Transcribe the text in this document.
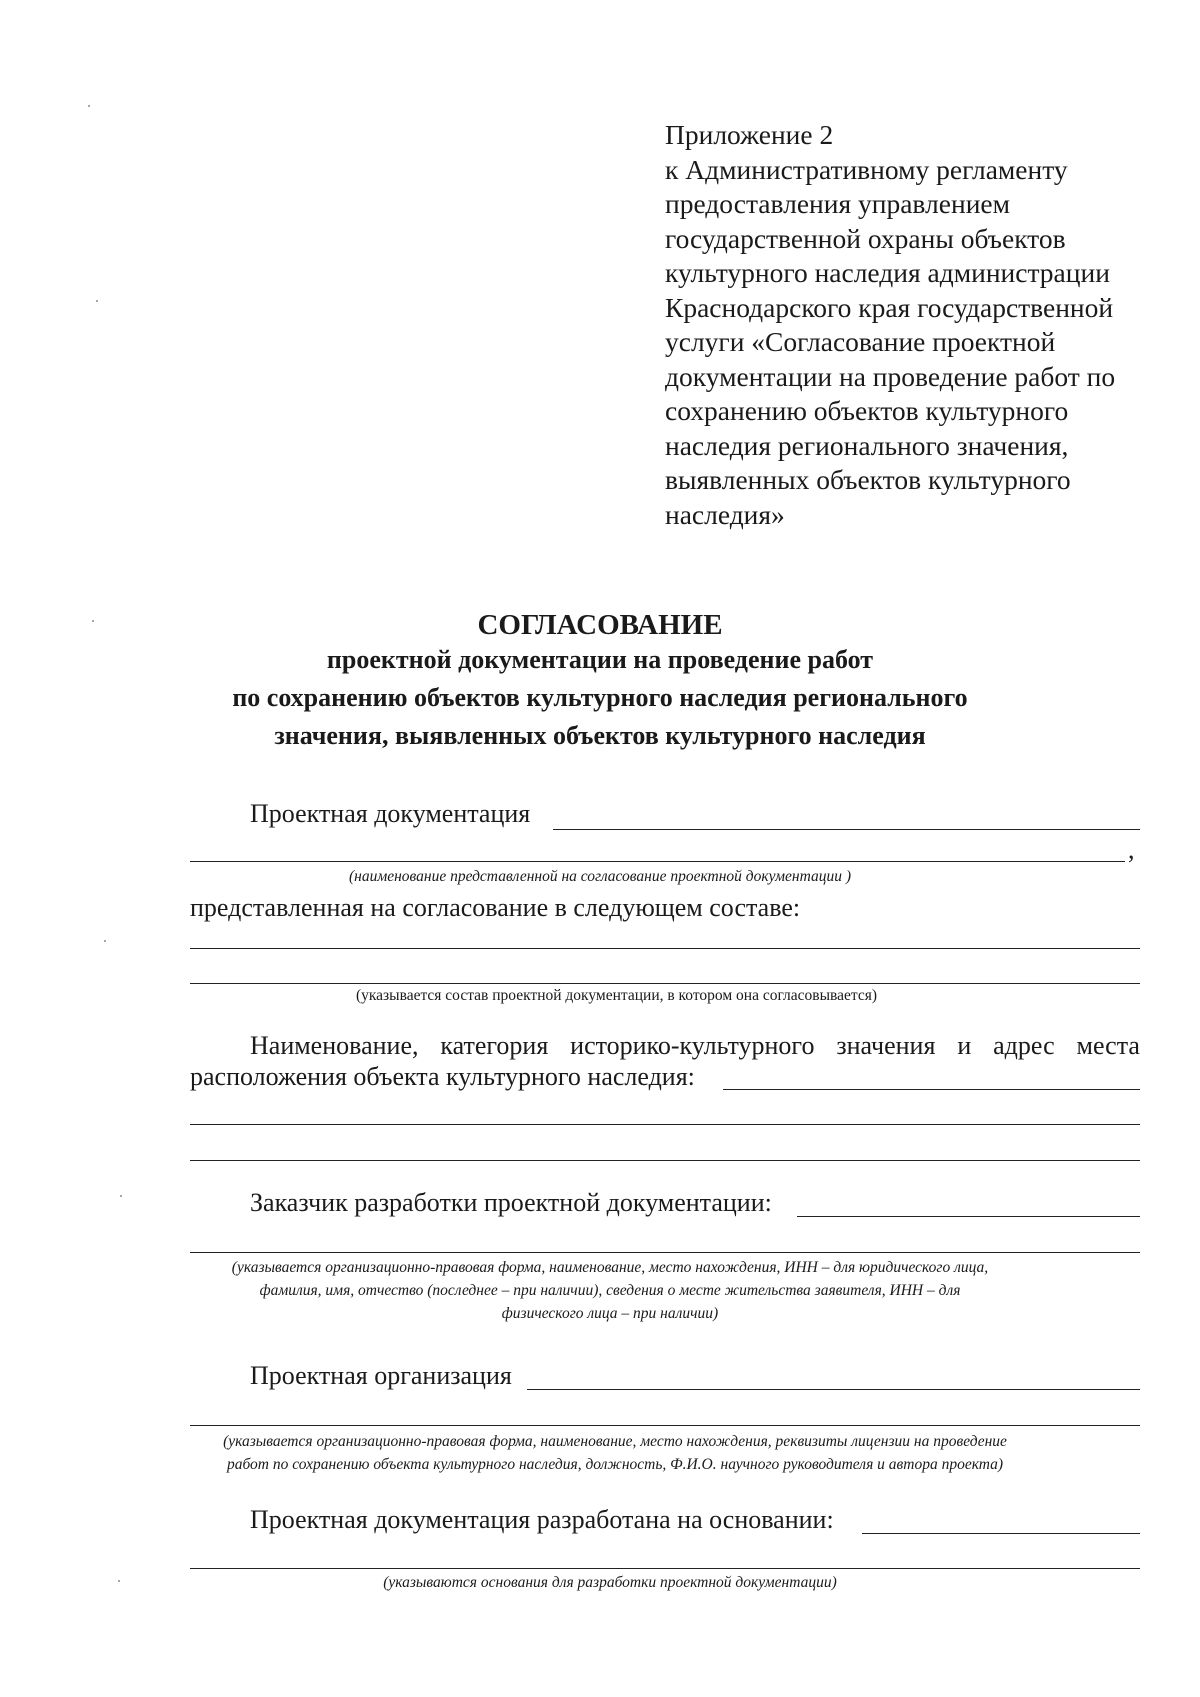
Приложение 2
к Административному регламенту
предоставления управлением
государственной охраны объектов
культурного наследия администрации
Краснодарского края государственной
услуги «Согласование проектной
документации на проведение работ по
сохранению объектов культурного
наследия регионального значения,
выявленных объектов культурного
наследия»
СОГЛАСОВАНИЕ
проектной документации на проведение работ
по сохранению объектов культурного наследия регионального
значения, выявленных объектов культурного наследия
Проектная документация
,
(наименование представленной на согласование проектной документации )
представленная на согласование в следующем составе:
(указывается состав проектной документации, в котором она согласовывается)
Наименование, категория историко-культурного значения и адрес места
расположения объекта культурного наследия:
Заказчик разработки проектной документации:
(указывается организационно-правовая форма, наименование, место нахождения, ИНН – для юридического лица,
фамилия, имя, отчество (последнее – при наличии), сведения о месте жительства заявителя, ИНН – для
физического лица – при наличии)
Проектная организация
(указывается организационно-правовая форма, наименование, место нахождения, реквизиты лицензии на проведение
работ по сохранению объекта культурного наследия, должность, Ф.И.О. научного руководителя и автора проекта)
Проектная документация разработана на основании:
(указываются основания для разработки проектной документации)
